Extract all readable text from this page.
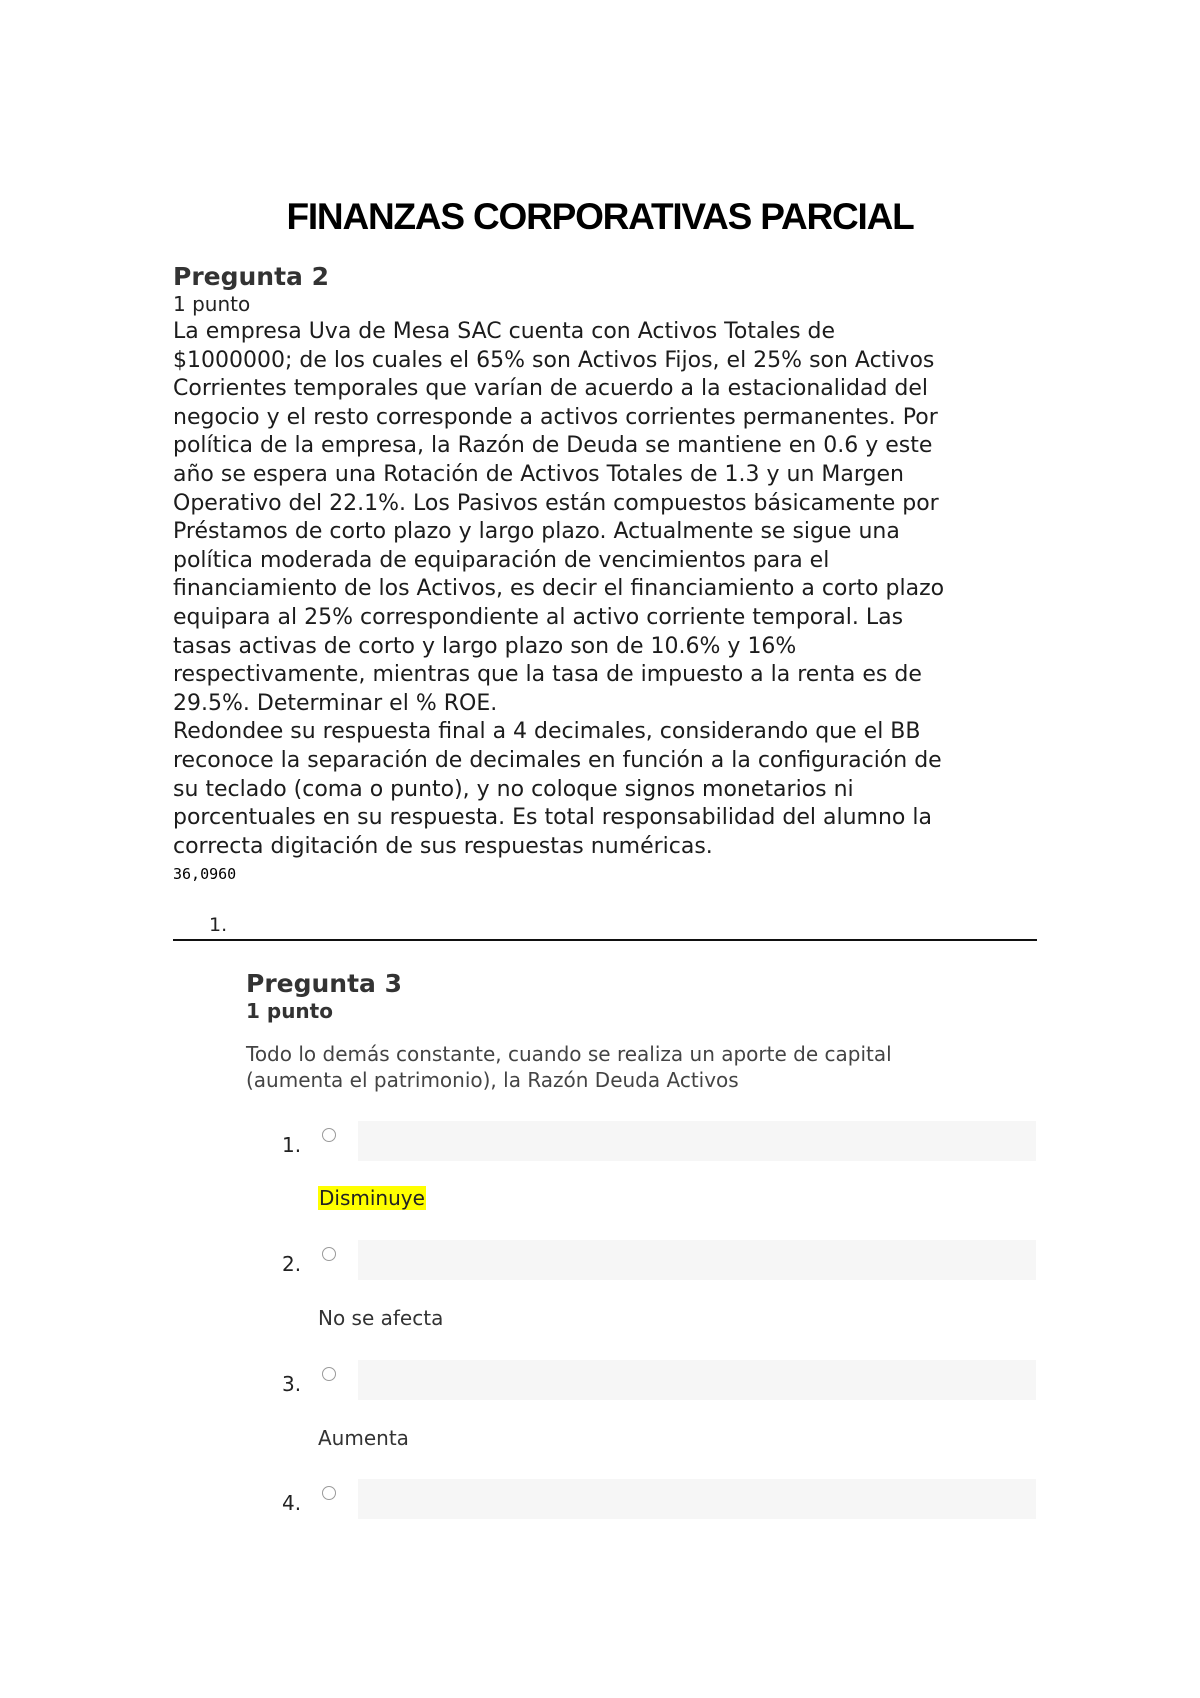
FINANZAS CORPORATIVAS PARCIAL
Pregunta 2
1 punto
La empresa Uva de Mesa SAC cuenta con Activos Totales de
$1000000; de los cuales el 65% son Activos Fijos, el 25% son Activos
Corrientes temporales que varían de acuerdo a la estacionalidad del
negocio y el resto corresponde a activos corrientes permanentes. Por
política de la empresa, la Razón de Deuda se mantiene en 0.6 y este
año se espera una Rotación de Activos Totales de 1.3 y un Margen
Operativo del 22.1%. Los Pasivos están compuestos básicamente por
Préstamos de corto plazo y largo plazo. Actualmente se sigue una
política moderada de equiparación de vencimientos para el
financiamiento de los Activos, es decir el financiamiento a corto plazo
equipara al 25% correspondiente al activo corriente temporal. Las
tasas activas de corto y largo plazo son de 10.6% y 16%
respectivamente, mientras que la tasa de impuesto a la renta es de
29.5%. Determinar el % ROE.
Redondee su respuesta final a 4 decimales, considerando que el BB
reconoce la separación de decimales en función a la configuración de
su teclado (coma o punto), y no coloque signos monetarios ni
porcentuales en su respuesta. Es total responsabilidad del alumno la
correcta digitación de sus respuestas numéricas.
36,0960
1.
Pregunta 3
1 punto
Todo lo demás constante, cuando se realiza un aporte de capital
(aumenta el patrimonio), la Razón Deuda Activos
1.
Disminuye
2.
No se afecta
3.
Aumenta
4.
